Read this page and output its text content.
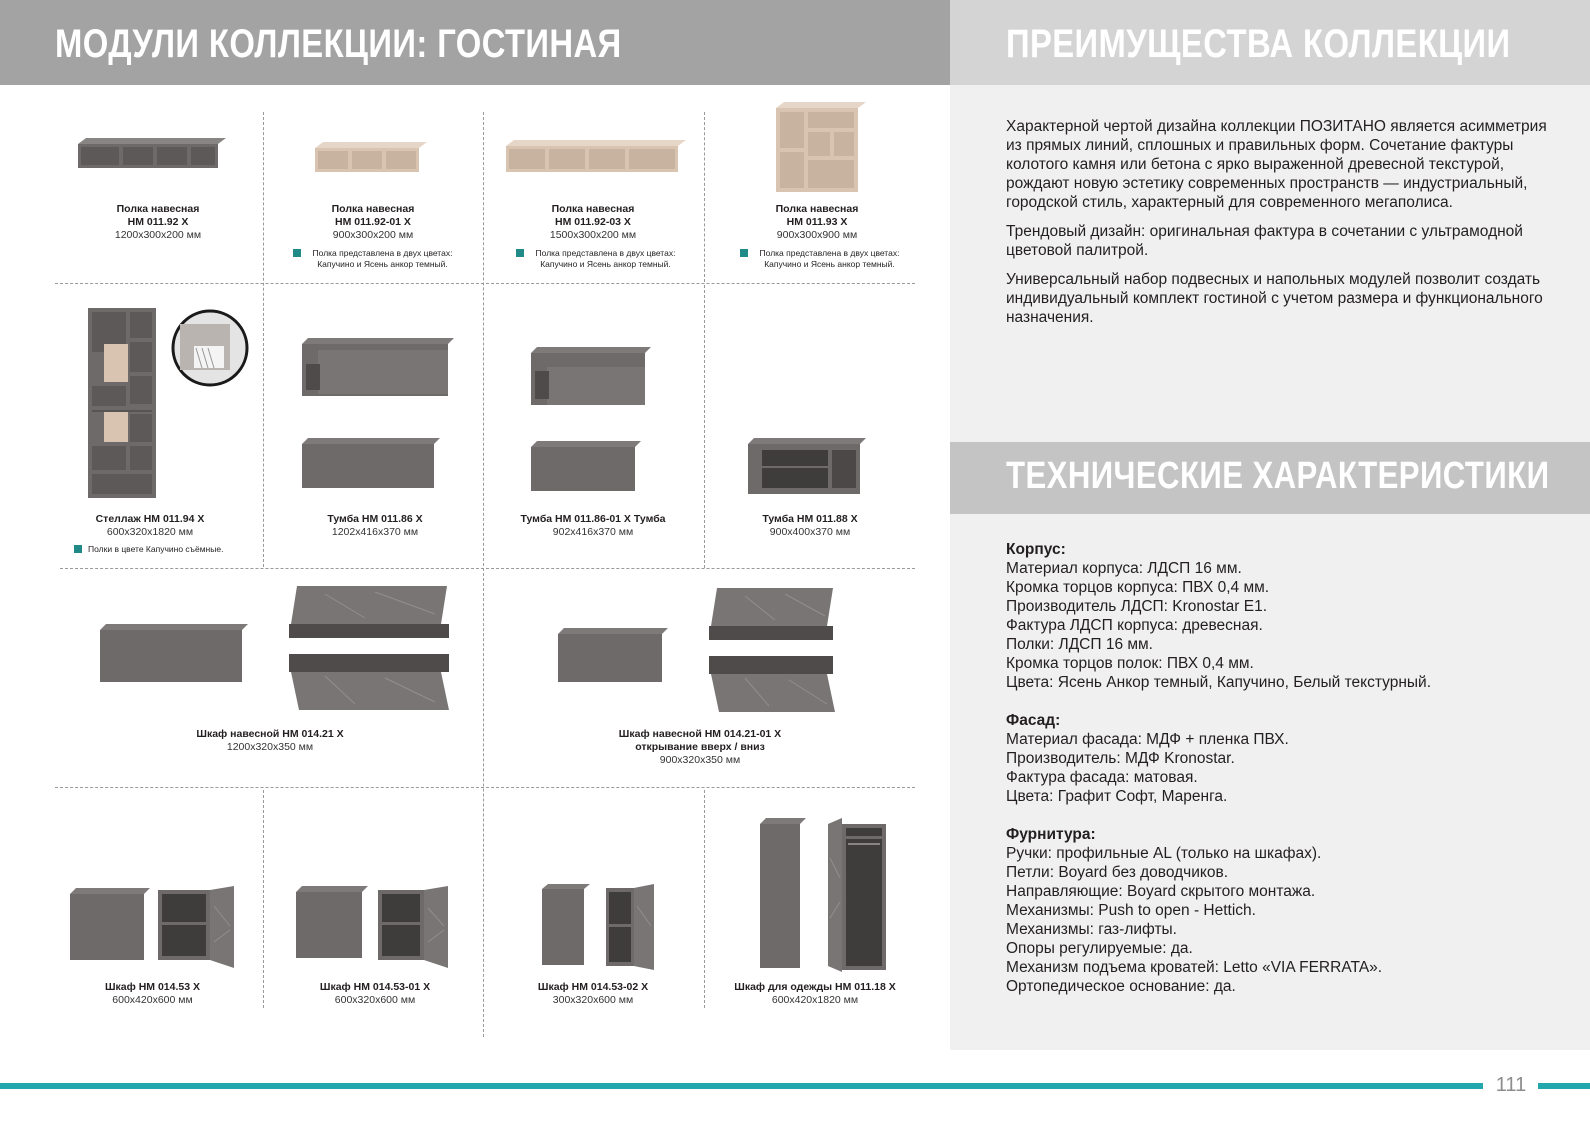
МОДУЛИ КОЛЛЕКЦИИ: ГОСТИНАЯ	ПРЕИМУЩЕСТВА КОЛЛЕКЦИИ
ТЕХНИЧЕСКИЕ ХАРАКТЕРИСТИКИ

Характерной чертой дизайна коллекции ПОЗИТАНО является асимметрия из прямых линий, сплошных и правильных форм. Сочетание фактуры колотого камня или бетона с ярко выраженной древесной текстурой, рождают новую эстетику современных пространств — индустриальный, городской стиль, характерный для современного мегаполиса.

Трендовый дизайн: оригинальная фактура в сочетании с ультрамодной цветовой палитрой.

Универсальный набор подвесных и напольных модулей позволит создать индивидуальный комплект гостиной с учетом размера и функционального назначения.

Корпус:
Материал корпуса: ЛДСП 16 мм.
Кромка торцов корпуса: ПВХ 0,4 мм.
Производитель ЛДСП: Kronostar E1.
Фактура ЛДСП корпуса: древесная.
Полки: ЛДСП 16 мм.
Кромка торцов полок: ПВХ 0,4 мм.
Цвета: Ясень Анкор темный, Капучино, Белый текстурный.
Фасад:
Материал фасада: МДФ + пленка ПВХ.
Производитель: МДФ Kronostar.
Фактура фасада: матовая.
Цвета: Графит Софт, Маренга.
Фурнитура:
Ручки: профильные AL (только на шкафах).
Петли: Boyard без доводчиков.
Направляющие: Boyard скрытого монтажа.
Механизмы: Push to open - Hettich.
Механизмы: газ-лифты.
Опоры регулируемые: да.
Механизм подъема кроватей: Letto «VIA FERRATA».
Ортопедическое основание: да.
Полка навесная
НМ 011.92 Х
1200х300х200 мм
Полка навесная
НМ 011.92-01 Х
900х300х200 мм
Полка представлена в двух цветах:
Капучино и Ясень анкор темный.
Полка навесная
НМ 011.92-03 Х
1500х300х200 мм
Полка представлена в двух цветах:
Капучино и Ясень анкор темный.
Полка навесная
НМ 011.93 Х
900х300х900 мм
Полка представлена в двух цветах:
Капучино и Ясень анкор темный.
Стеллаж НМ 011.94 Х
600х320х1820 мм
Полки в цвете Капучино съёмные.
Тумба НМ 011.86 Х
1202х416х370 мм
Тумба НМ 011.86-01 Х Тумба
902х416х370 мм
Тумба НМ 011.88 Х
900х400х370 мм
Шкаф навесной НМ 014.21 Х
1200х320х350 мм
Шкаф навесной НМ 014.21-01 Х
открывание вверх / вниз
900х320х350 мм
Шкаф НМ 014.53 Х
600х420х600 мм
Шкаф НМ 014.53-01 Х
600х320х600 мм
Шкаф НМ 014.53-02 Х
300х320х600 мм
Шкаф для одежды НМ 011.18 Х
600х420х1820 мм
111
